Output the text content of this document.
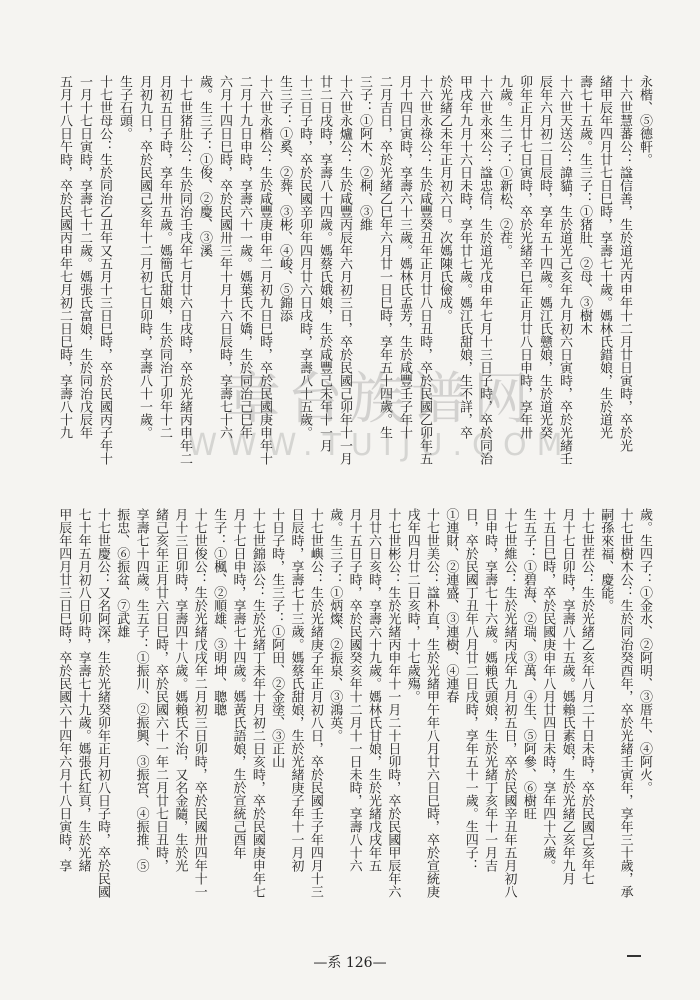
永楷、⑤德軒。
十六世慧蕃公：諡信善，生於道光丙申年十二月廿日寅時，卒於光
緒甲辰年四月廿七日巳時，享壽七十歲。媽林氏錯娘，生於道光
壽七十五歲。生三子：①猪肚、②母、③樹木
十六世天送公：諱貓，生於道光己亥年九月初六日寅時，卒於光緒壬
辰年六月初二日辰時，享年五十四歲。媽江氏戆娘，生於道光癸
卯年正月廿七日寅時，卒於光緒辛巳年正月廿八日申時，享年卅
九歲。生二子：①新松、②茬。
十六世永來公：諡忠信，生於道光戊申年七月十三日子時，卒於同治
甲戌年九月十六日未時，享年廿七歲。媽江氏甜娘，生不詳，卒
於光緒乙未年正月初六日。次媽陳氏儉成。
十六世永祿公：生於咸豐癸丑年正月廿八日丑時，卒於民國乙卯年五
月十四日寅時，享壽六十三歲。媽林氏孟芳，生於咸豐壬子年十
二月吉日，卒於光緒乙巳年六月廿一日巳時，享年五十四歲。生
三子：①阿木、②桐、③維
十六世永爐公：生於咸豐丙辰年六月初三日，卒於民國己卯年十一月
廿二日戌時，享壽八十四歲。媽蔡氏娥娘，生於咸豐己未年十一月
十三日子時，卒於民國辛卯年四月廿六日戌時，享壽八十五歲。
生三子：①奚、②葬、③彬、④峻、⑤錦添
十六世永楷公：生於咸豐庚申年二月初九日巳時，卒於民國庚申年十
二月十九日申時，享壽六十一歲。媽葉氏不嬌，生於同治己巳年
六月十四日巳時，卒於民國卅三年十月十六日辰時，享壽七十六
歲。生三子：①俊、②慶、③溪
十七世猪肚公：生於同治壬戌年七月廿六日戌時，卒於光緒丙申年二
月初五日子時，享年卅五歲。媽簡氏甜娘，生於同治丁卯年十二
月初九日，卒於民國己亥年十二月初七日卯時，享壽八十一歲。
生子石頭。
十七世母公：生於同治乙丑年又五月十三日巳時，卒於民國丙子年十
一月十七日寅時，享壽七十二歲。媽張氏富娘，生於同治戊辰年
五月十八日午時，卒於民國丙申年七月初二日巳時，享壽八十九
歲。生四子：①金水、②阿明、③厝牛、④阿火。
十七世樹木公：生於同治癸酉年，卒於光緒壬寅年，享年三十歲，承
嗣孫來福、慶能。
十七世茬公：生於光緒乙亥年八月二十日未時，卒於民國己亥年七
月十七日卯時，享壽八十五歲。媽賴氏素娘，生於光緒乙亥年九月
十五日巳時，卒於民國庚申年八月廿四日未時，享年四十六歲。
生五子：①碧海、②瑞、③萬、④生、⑤阿參、⑥樹旺
十七世維公：生於光緒丙戌年九月初五日，卒於民國辛丑年五月初八
日申時，享壽七十六歲。媽賴氏頭娘，生於光緒丁亥年十一月吉
日，卒於民國丁丑年八月廿二日戌時，享年五十一歲。生四子：
①連財、②連盛、③連樹、④連春
十七世美公：諡朴直，生於光緒甲午年八月廿六日巳時，卒於宣統庚
戌年四月廿二日亥時，十七歲殤。
十七世彬公：生於光緒丙申年十一月二十日卯時，卒於民國甲辰年六
月廿六日亥時，享壽六十九歲。媽林氏甘娘，生於光緒戊戌年五
月十五日子時，卒於民國癸亥年十二月十一日未時，享壽八十六
歲。生三子：①炳燦、②振泉、③鴻英。
十七世嶼公：生於光緒庚子年正月初八日，卒於民國壬子年四月十三
日辰時，享壽七十三歲。媽蔡氏甜娘，生於光緒庚子年十一月初
十日子時，生三子：①阿田、②金塗、③正山
十七世錦添公：生於光緒丁未年十月初二日亥時，卒於民國庚申年七
月十七日申時，享壽七十四歲。媽黃氏語娘，生於宣統己酉年
生子：①楓、②順雄、③明坤、聰聰
十七世俊公：生於光緒戊戌年二月初三日卯時，卒於民國卅四年十一
月十三日卯時，享壽四十八歲。媽賴氏不治，又名金隨，生於光
緒己亥年正月廿六日巳時，卒於民國六十一年二月廿七日丑時，
享壽七十四歲。生五子：①振川、②振興、③振宮、④振推、⑤
振忠、⑥振盆、⑦武雄
十七世慶公：又名阿深，生於光緒癸卯年正月初八日子時，卒於民國
七十年五月初八日卯時，享壽七十九歲。媽張氏紅頁，生於光緒
甲辰年四月廿三日巳時，卒於民國六十四年六月十八日寅時，享
章台族谱网
WWW.TUIJU.COM
—系 126—
